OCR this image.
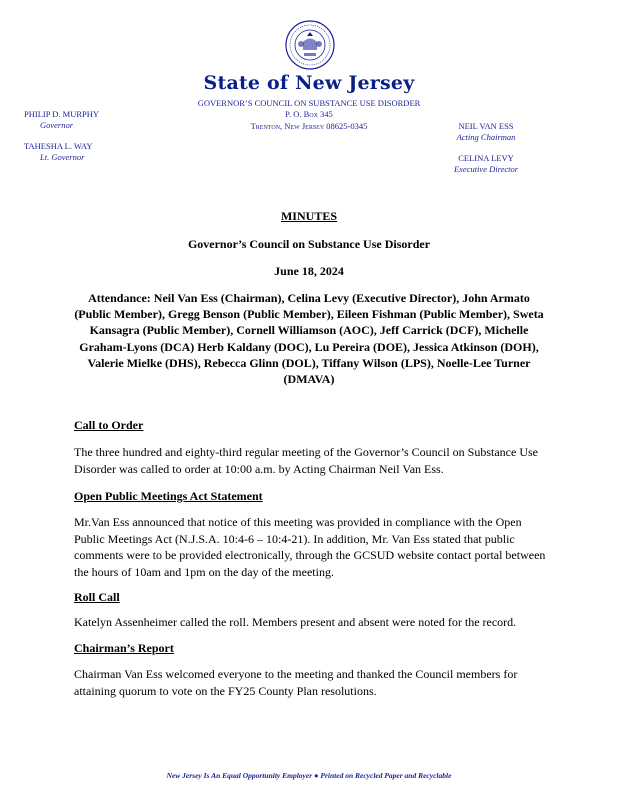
State of New Jersey
GOVERNOR’S COUNCIL ON SUBSTANCE USE DISORDER
P. O. Box 345
Trenton, New Jersey 08625-0345
PHILIP D. MURPHY
Governor
TAHESHA L. WAY
Lt. Governor
NEIL VAN ESS
Acting Chairman
CELINA LEVY
Executive Director
MINUTES
Governor’s Council on Substance Use Disorder
June 18, 2024
Attendance: Neil Van Ess (Chairman), Celina Levy (Executive Director), John Armato (Public Member), Gregg Benson (Public Member), Eileen Fishman (Public Member), Sweta Kansagra (Public Member), Cornell Williamson (AOC), Jeff Carrick (DCF), Michelle Graham-Lyons (DCA) Herb Kaldany (DOC), Lu Pereira (DOE), Jessica Atkinson (DOH), Valerie Mielke (DHS), Rebecca Glinn (DOL), Tiffany Wilson (LPS), Noelle-Lee Turner (DMAVA)
Call to Order
The three hundred and eighty-third regular meeting of the Governor’s Council on Substance Use Disorder was called to order at 10:00 a.m. by Acting Chairman Neil Van Ess.
Open Public Meetings Act Statement
Mr.Van Ess announced that notice of this meeting was provided in compliance with the Open Public Meetings Act (N.J.S.A. 10:4-6 – 10:4-21). In addition, Mr. Van Ess stated that public comments were to be provided electronically, through the GCSUD website contact portal between the hours of 10am and 1pm on the day of the meeting.
Roll Call
Katelyn Assenheimer called the roll. Members present and absent were noted for the record.
Chairman’s Report
Chairman Van Ess welcomed everyone to the meeting and thanked the Council members for attaining quorum to vote on the FY25 County Plan resolutions.
New Jersey Is An Equal Opportunity Employer ● Printed on Recycled Paper and Recyclable
